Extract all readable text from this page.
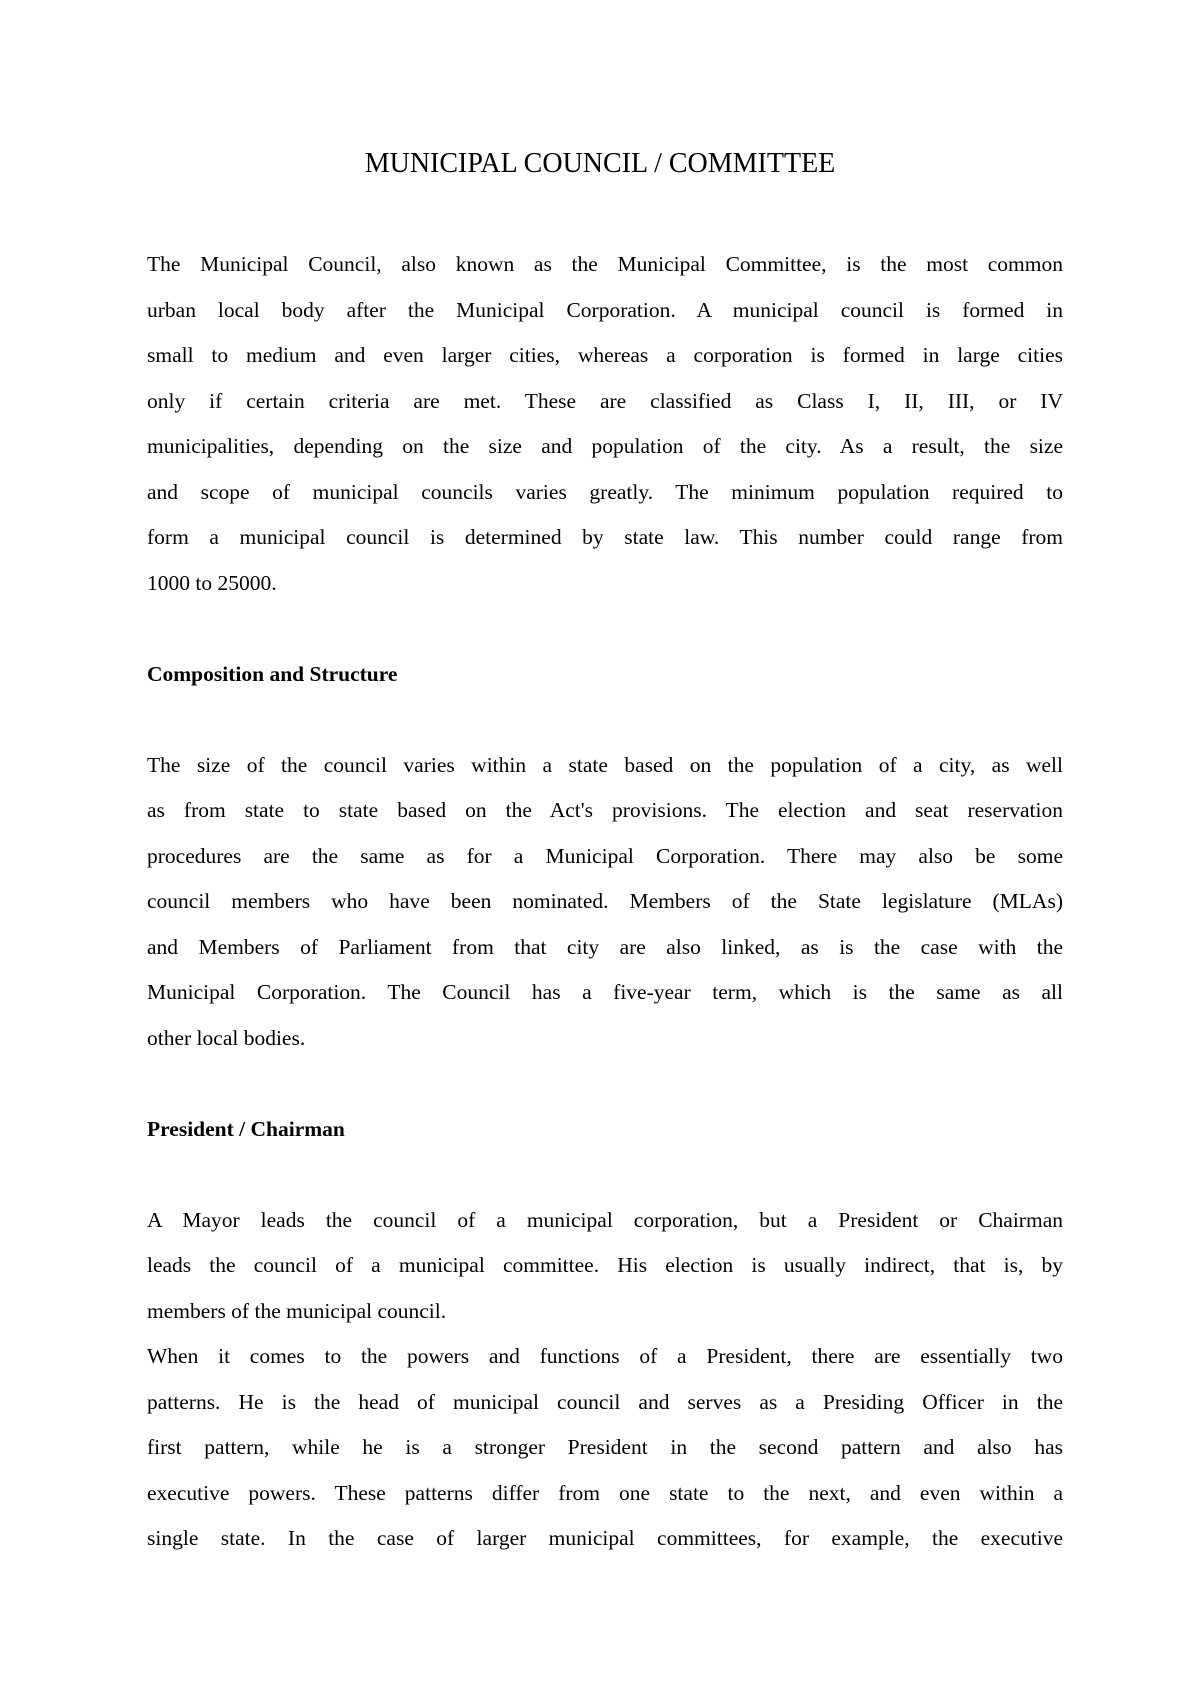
MUNICIPAL COUNCIL / COMMITTEE
The Municipal Council, also known as the Municipal Committee, is the most common
urban local body after the Municipal Corporation. A municipal council is formed in
small to medium and even larger cities, whereas a corporation is formed in large cities
only if certain criteria are met. These are classified as Class I, II, III, or IV
municipalities, depending on the size and population of the city. As a result, the size
and scope of municipal councils varies greatly. The minimum population required to
form a municipal council is determined by state law. This number could range from
1000 to 25000.
Composition and Structure
The size of the council varies within a state based on the population of a city, as well
as from state to state based on the Act's provisions. The election and seat reservation
procedures are the same as for a Municipal Corporation. There may also be some
council members who have been nominated. Members of the State legislature (MLAs)
and Members of Parliament from that city are also linked, as is the case with the
Municipal Corporation. The Council has a five-year term, which is the same as all
other local bodies.
President / Chairman
A Mayor leads the council of a municipal corporation, but a President or Chairman
leads the council of a municipal committee. His election is usually indirect, that is, by
members of the municipal council.
When it comes to the powers and functions of a President, there are essentially two
patterns. He is the head of municipal council and serves as a Presiding Officer in the
first pattern, while he is a stronger President in the second pattern and also has
executive powers. These patterns differ from one state to the next, and even within a
single state. In the case of larger municipal committees, for example, the executive
